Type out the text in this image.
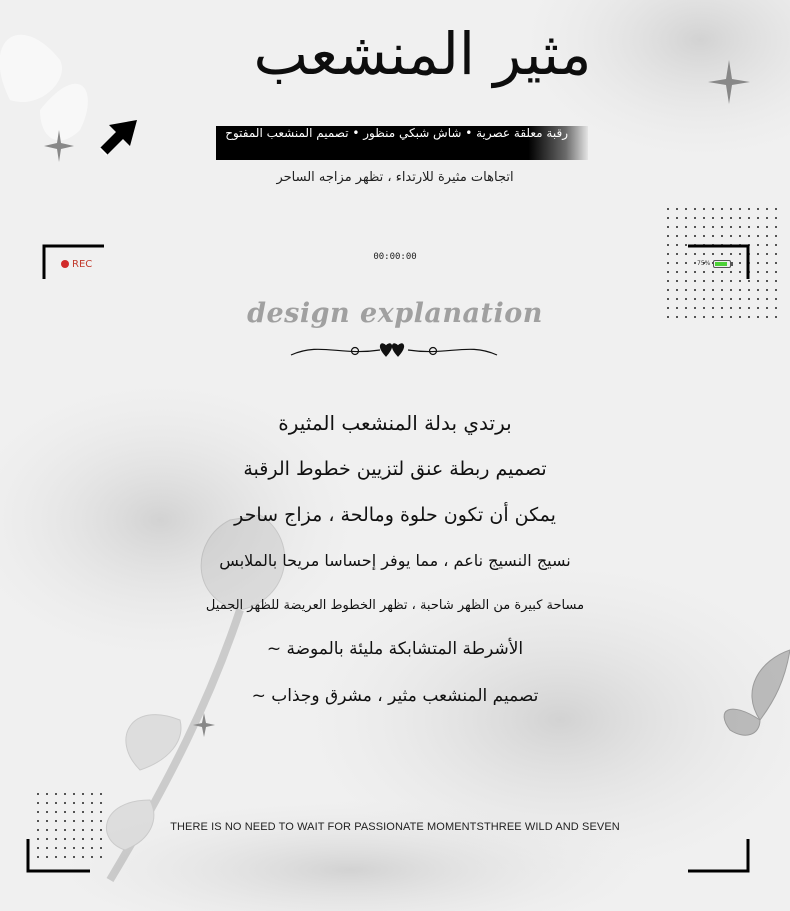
مثير المنشعب
رقبة معلقة عصرية • شاش شبكي منظور • تصميم المنشعب المفتوح
اتجاهات مثيرة للارتداء ، تظهر مزاجه الساحر
REC
00:00:00
75%
design explanation
برتدي بدلة المنشعب المثيرة
تصميم ربطة عنق لتزيين خطوط الرقبة
يمكن أن تكون حلوة ومالحة ، مزاج ساحر
نسيج النسيج ناعم ، مما يوفر إحساسا مريحا بالملابس
مساحة كبيرة من الظهر شاحبة ، تظهر الخطوط العريضة للظهر الجميل
الأشرطة المتشابكة مليئة بالموضة ~
تصميم المنشعب مثير ، مشرق وجذاب ~
THERE IS NO NEED TO WAIT FOR PASSIONATE MOMENTSTHREE WILD AND SEVEN
